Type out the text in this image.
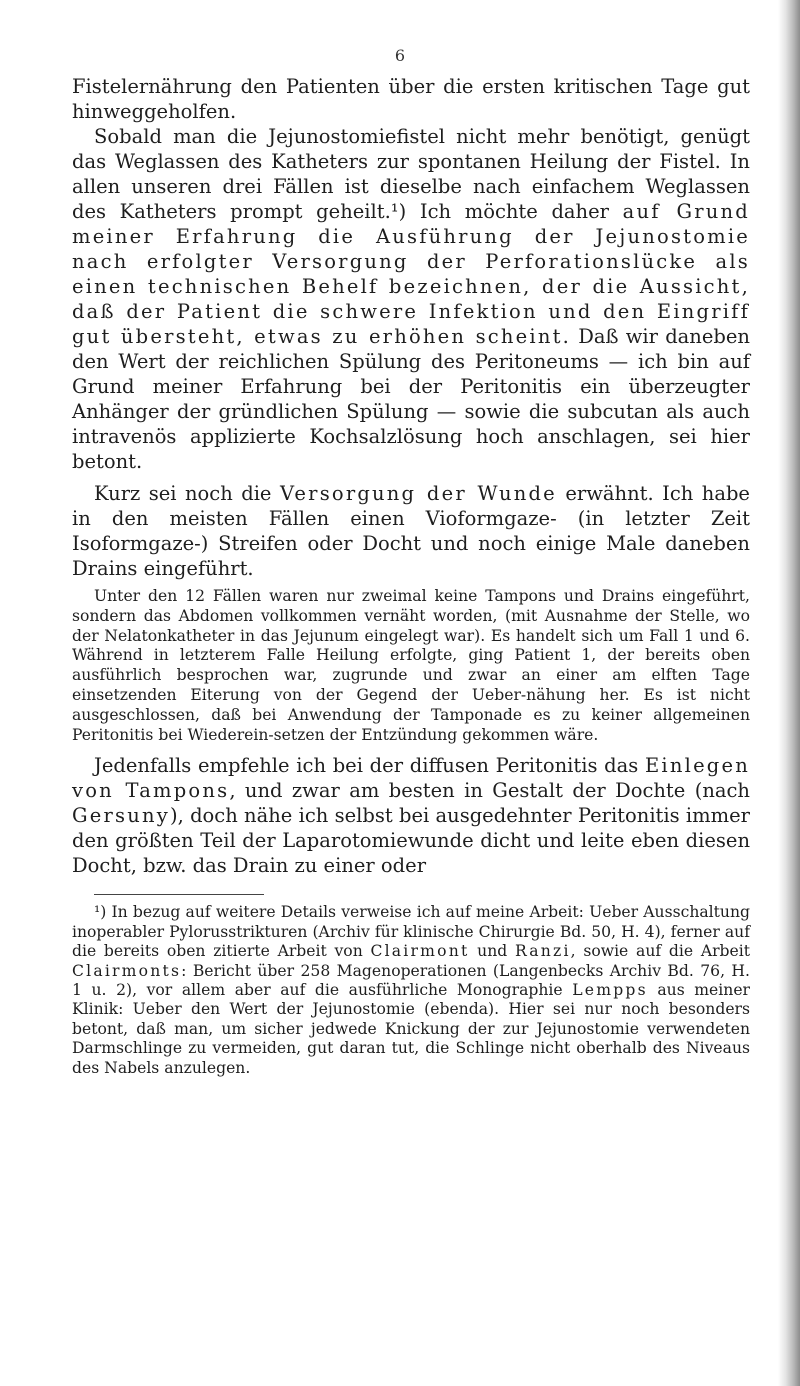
6

Fistelernährung den Patienten über die ersten kritischen Tage gut hinweggeholfen.

Sobald man die Jejunostomiefistel nicht mehr benötigt, genügt das Weglassen des Katheters zur spontanen Heilung der Fistel. In allen unseren drei Fällen ist dieselbe nach einfachem Weglassen des Katheters prompt geheilt.¹) Ich möchte daher auf Grund meiner Erfahrung die Ausführung der Jejunostomie nach erfolgter Versorgung der Perforationslücke als einen technischen Behelf bezeichnen, der die Aussicht, daß der Patient die schwere Infektion und den Eingriff gut übersteht, etwas zu erhöhen scheint. Daß wir daneben den Wert der reichlichen Spülung des Peritoneums — ich bin auf Grund meiner Erfahrung bei der Peritonitis ein überzeugter Anhänger der gründlichen Spülung — sowie die subcutan als auch intravenös applizierte Kochsalzlösung hoch anschlagen, sei hier betont.

Kurz sei noch die Versorgung der Wunde erwähnt. Ich habe in den meisten Fällen einen Vioformgaze- (in letzter Zeit Isoformgaze-) Streifen oder Docht und noch einige Male daneben Drains eingeführt.

Unter den 12 Fällen waren nur zweimal keine Tampons und Drains eingeführt, sondern das Abdomen vollkommen vernäht worden, (mit Ausnahme der Stelle, wo der Nelatonkatheter in das Jejunum eingelegt war). Es handelt sich um Fall 1 und 6. Während in letzterem Falle Heilung erfolgte, ging Patient 1, der bereits oben ausführlich besprochen war, zugrunde und zwar an einer am elften Tage einsetzenden Eiterung von der Gegend der Ueber-nähung her. Es ist nicht ausgeschlossen, daß bei Anwendung der Tamponade es zu keiner allgemeinen Peritonitis bei Wiederein-setzen der Entzündung gekommen wäre.

Jedenfalls empfehle ich bei der diffusen Peritonitis das Einlegen von Tampons, und zwar am besten in Gestalt der Dochte (nach Gersuny), doch nähe ich selbst bei ausgedehnter Peritonitis immer den größten Teil der Laparotomiewunde dicht und leite eben diesen Docht, bzw. das Drain zu einer oder

¹) In bezug auf weitere Details verweise ich auf meine Arbeit: Ueber Ausschaltung inoperabler Pylorusstrikturen (Archiv für klinische Chirurgie Bd. 50, H. 4), ferner auf die bereits oben zitierte Arbeit von Clairmont und Ranzi, sowie auf die Arbeit Clairmonts: Bericht über 258 Magenoperationen (Langenbecks Archiv Bd. 76, H. 1 u. 2), vor allem aber auf die ausführliche Monographie Lempps aus meiner Klinik: Ueber den Wert der Jejunostomie (ebenda). Hier sei nur noch besonders betont, daß man, um sicher jedwede Knickung der zur Jejunostomie verwendeten Darmschlinge zu vermeiden, gut daran tut, die Schlinge nicht oberhalb des Niveaus des Nabels anzulegen.
